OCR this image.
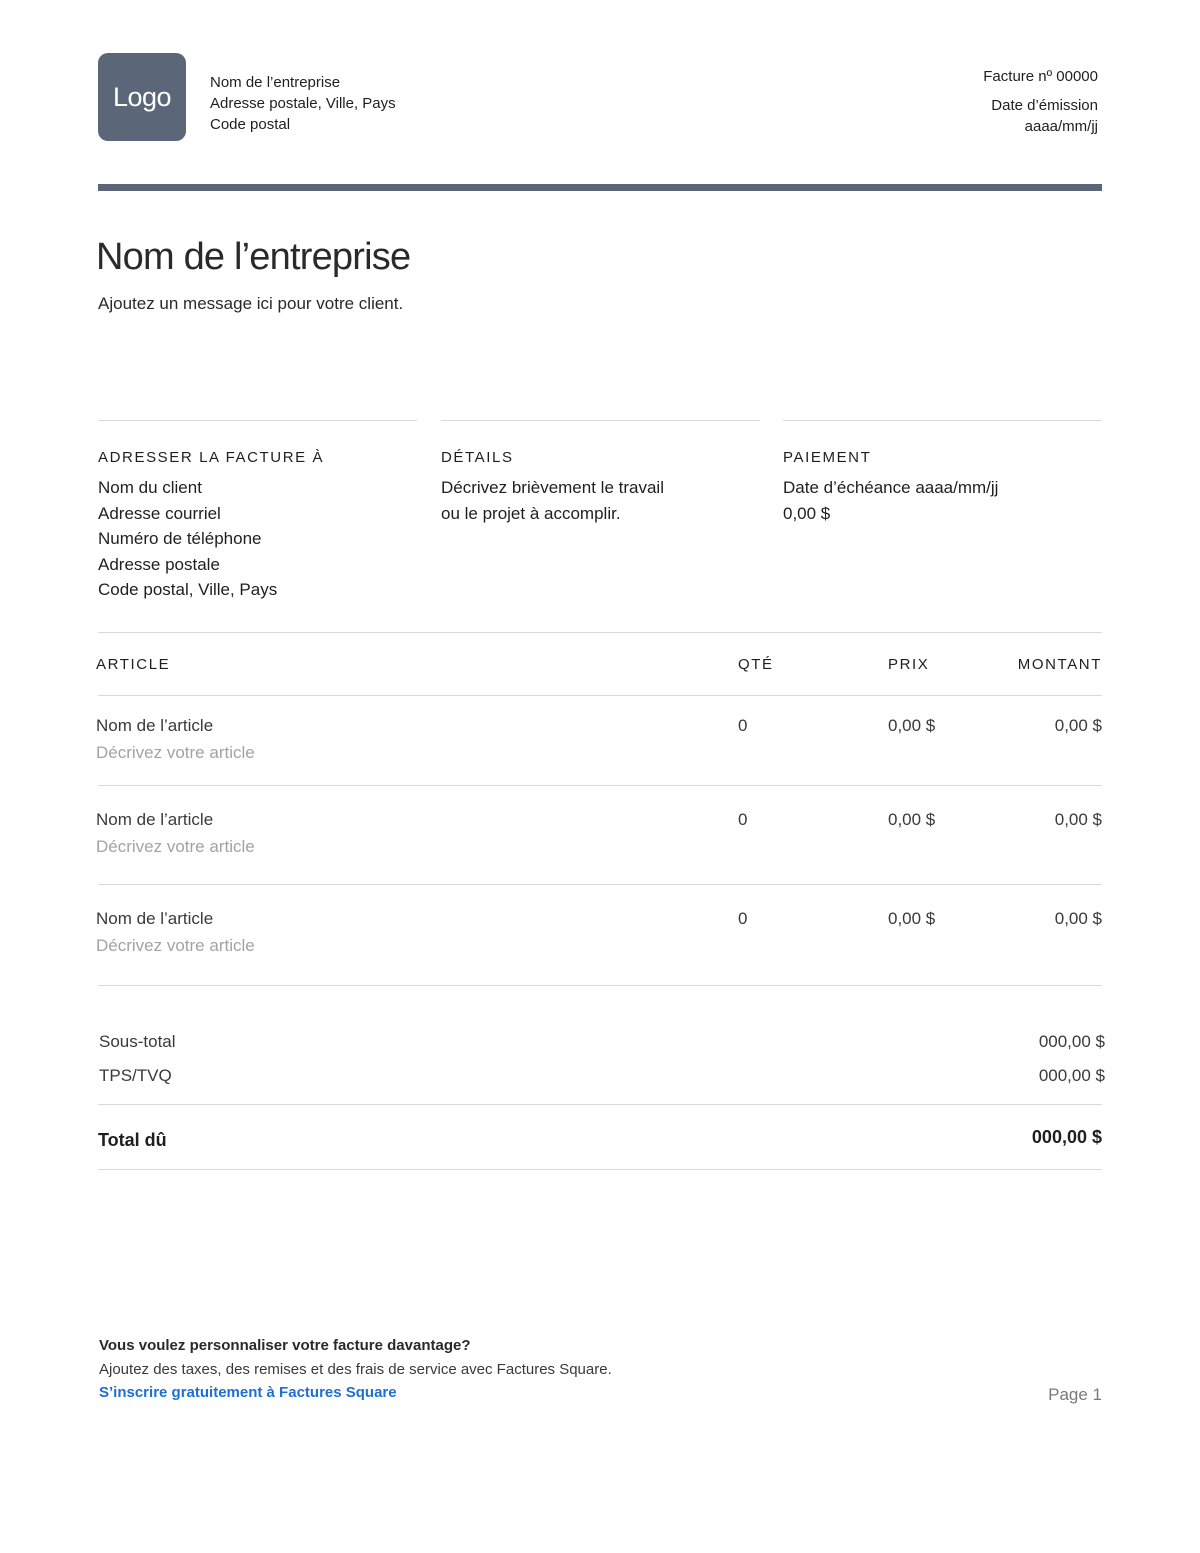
Logo	Nom de l’entreprise
Adresse postale, Ville, Pays
Code postal
Facture nº 00000
Date d’émission
aaaa/mm/jj
Nom de l’entreprise
Ajoutez un message ici pour votre client.
ADRESSER LA FACTURE À
Nom du client
Adresse courriel
Numéro de téléphone
Adresse postale
Code postal, Ville, Pays
DÉTAILS
Décrivez brièvement le travail
ou le projet à accomplir.
PAIEMENT
Date d’échéance aaaa/mm/jj
0,00 $
ARTICLE	QTÉ	PRIX	MONTANT
Nom de l’article
Décrivez votre article
0	0,00 $	0,00 $
Nom de l’article
Décrivez votre article
0	0,00 $	0,00 $
Nom de l’article
Décrivez votre article
0	0,00 $	0,00 $
Sous-total	000,00 $
TPS/TVQ	000,00 $
Total dû	000,00 $
Vous voulez personnaliser votre facture davantage?
Ajoutez des taxes, des remises et des frais de service avec Factures Square.
S’inscrire gratuitement à Factures Square	Page 1
